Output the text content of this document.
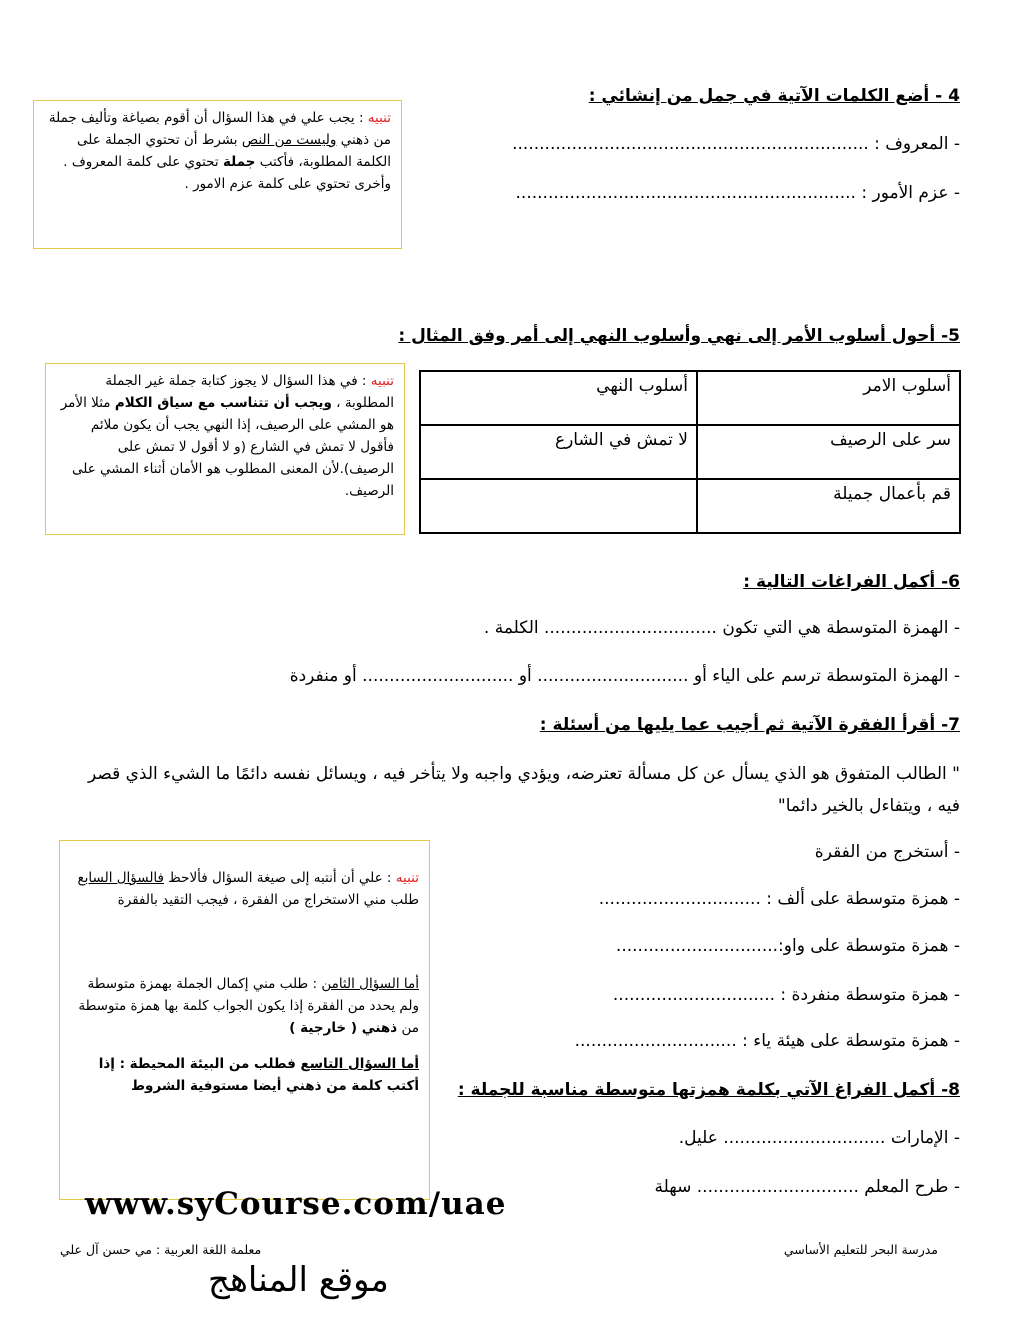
4 - أضع الكلمات الآتية في جمل من إنشائي :
- المعروف : ..................................................................
- عزم الأمور : ...............................................................
تنبيه : يجب علي في هذا السؤال أن أقوم بصياغة وتأليف جملة من ذهني وليست من النص بشرط أن تحتوي الجملة على الكلمة المطلوبة، فأكتب جملة تحتوي على كلمة المعروف . وأخرى تحتوي على كلمة عزم الامور .
5- أحول أسلوب الأمر إلى نهي وأسلوب النهي إلى أمر وفق المثال :
تنبيه : في هذا السؤال لا يجوز كتابة جملة غير الجملة المطلوبة ، ويجب أن تتناسب مع سياق الكلام مثلا الأمر هو المشي على الرصيف، إذا النهي يجب أن يكون ملائم فأقول لا تمش في الشارع (و لا أقول لا تمش على الرصيف).لأن المعنى المطلوب هو الأمان أثناء المشي على الرصيف.
أسلوب الامر	أسلوب النهي
سر على الرصيف	لا تمش في الشارع
قم بأعمال جميلة	
6- أكمل الفراغات التالية :
- الهمزة المتوسطة هي التي تكون ................................ الكلمة .
- الهمزة المتوسطة ترسم على الياء أو ............................ أو ............................ أو منفردة
7- أقرأ الفقرة الآتية ثم أجيب عما يليها من أسئلة :
" الطالب المتفوق هو الذي يسأل عن كل مسألة تعترضه، ويؤدي واجبه ولا يتأخر فيه ، ويسائل نفسه دائمًا ما الشيء الذي قصر فيه ، ويتفاءل بالخير دائما"
- أستخرج من الفقرة
- همزة متوسطة على ألف : ..............................
- همزة متوسطة على واو:..............................
- همزة متوسطة منفردة : ..............................
- همزة متوسطة على هيئة ياء : ..............................
تنبيه : علي أن أنتبه إلى صيغة السؤال فألاحظ فالسؤال السابع طلب مني الاستخراج من الفقرة ، فيجب التقيد بالفقرة
أما السؤال الثامن : طلب مني إكمال الجملة بهمزة متوسطة ولم يحدد من الفقرة إذا يكون الجواب كلمة بها همزة متوسطة من ذهني ( خارجية )
أما السؤال التاسع فطلب من البيئة المحيطة : إذا أكتب كلمة من ذهني أيضا مستوفية الشروط 8- أكمل الفراغ الآتي بكلمة همزتها متوسطة مناسبة للجملة :
- الإمارات .............................. عليل.
- طرح المعلم .............................. سهلة
www.syCourse.com/uae
مدرسة البحر للتعليم الأساسي
معلمة اللغة العربية : مي حسن آل علي
موقع المناهج
